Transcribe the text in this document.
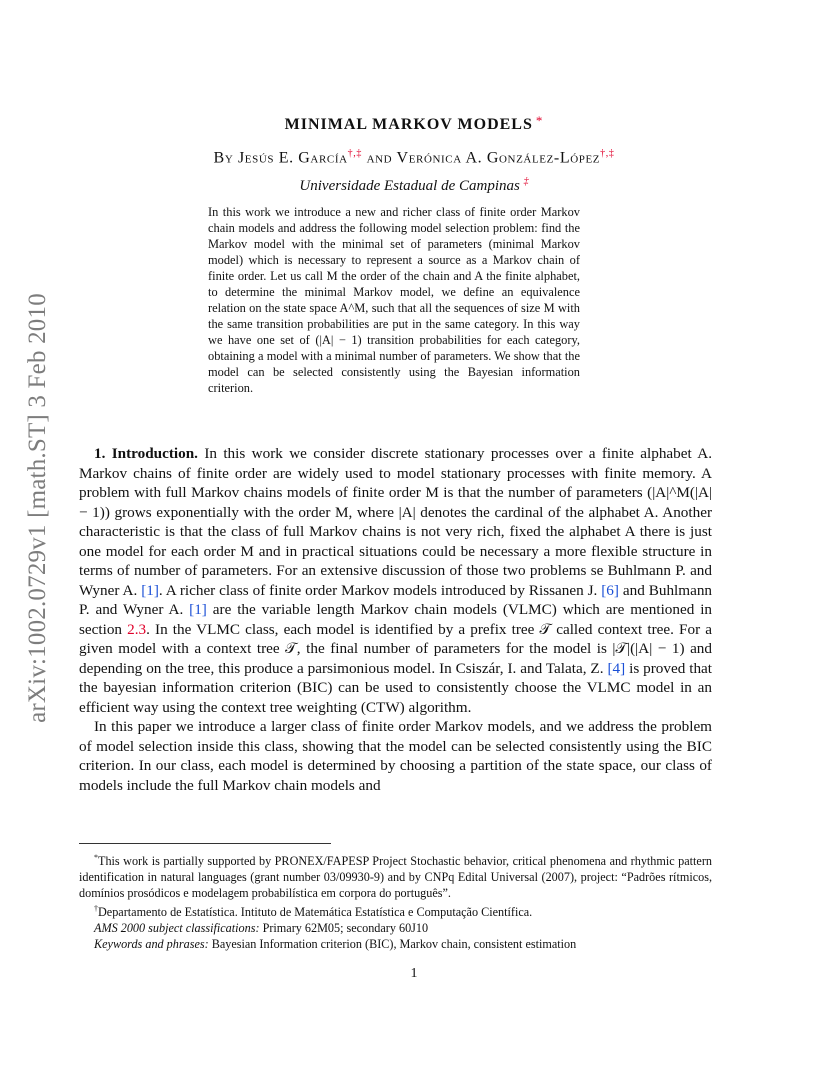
arXiv:1002.0729v1 [math.ST] 3 Feb 2010
MINIMAL MARKOV MODELS *
By Jesús E. García†,‡ and Verónica A. González-López†,‡
Universidade Estadual de Campinas ‡
In this work we introduce a new and richer class of finite order Markov chain models and address the following model selection problem: find the Markov model with the minimal set of parameters (minimal Markov model) which is necessary to represent a source as a Markov chain of finite order. Let us call M the order of the chain and A the finite alphabet, to determine the minimal Markov model, we define an equivalence relation on the state space A^M, such that all the sequences of size M with the same transition probabilities are put in the same category. In this way we have one set of (|A| − 1) transition probabilities for each category, obtaining a model with a minimal number of parameters. We show that the model can be selected consistently using the Bayesian information criterion.

1. Introduction. In this work we consider discrete stationary processes over a finite alphabet A. Markov chains of finite order are widely used to model stationary processes with finite memory. A problem with full Markov chains models of finite order M is that the number of parameters (|A|^M(|A| − 1)) grows exponentially with the order M, where |A| denotes the cardinal of the alphabet A. Another characteristic is that the class of full Markov chains is not very rich, fixed the alphabet A there is just one model for each order M and in practical situations could be necessary a more flexible structure in terms of number of parameters. For an extensive discussion of those two problems se Buhlmann P. and Wyner A. [1]. A richer class of finite order Markov models introduced by Rissanen J. [6] and Buhlmann P. and Wyner A. [1] are the variable length Markov chain models (VLMC) which are mentioned in section 2.3. In the VLMC class, each model is identified by a prefix tree 𝒯 called context tree. For a given model with a context tree 𝒯, the final number of parameters for the model is |𝒯|(|A| − 1) and depending on the tree, this produce a parsimonious model. In Csiszár, I. and Talata, Z. [4] is proved that the bayesian information criterion (BIC) can be used to consistently choose the VLMC model in an efficient way using the context tree weighting (CTW) algorithm.

In this paper we introduce a larger class of finite order Markov models, and we address the problem of model selection inside this class, showing that the model can be selected consistently using the BIC criterion. In our class, each model is determined by choosing a partition of the state space, our class of models include the full Markov chain models and

*This work is partially supported by PRONEX/FAPESP Project Stochastic behavior, critical phenomena and rhythmic pattern identification in natural languages (grant number 03/09930-9) and by CNPq Edital Universal (2007), project: “Padrões rítmicos, domínios prosódicos e modelagem probabilística em corpora do português”.

†Departamento de Estatística. Intituto de Matemática Estatística e Computação Científica.

AMS 2000 subject classifications: Primary 62M05; secondary 60J10

Keywords and phrases: Bayesian Information criterion (BIC), Markov chain, consistent estimation

1
